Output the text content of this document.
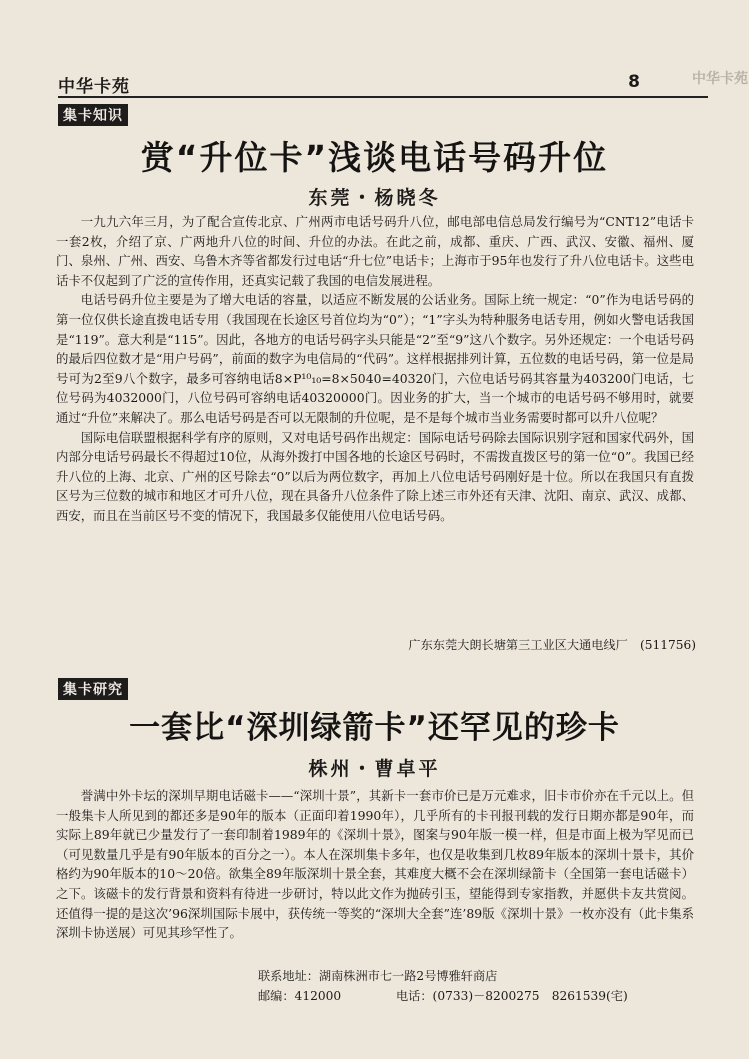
中华卡苑	8	中华卡苑
集卡知识
赏“升位卡”浅谈电话号码升位
东莞・杨晓冬

一九九六年三月，为了配合宣传北京、广州两市电话号码升八位，邮电部电信总局发行编号为“CNT12”电话卡一套2枚，介绍了京、广两地升八位的时间、升位的办法。在此之前，成都、重庆、广西、武汉、安徽、福州、厦门、泉州、广州、西安、乌鲁木齐等省都发行过电话“升七位”电话卡；上海市于95年也发行了升八位电话卡。这些电话卡不仅起到了广泛的宣传作用，还真实记载了我国的电信发展进程。

电话号码升位主要是为了增大电话的容量，以适应不断发展的公话业务。国际上统一规定：“0”作为电话号码的第一位仅供长途直拨电话专用（我国现在长途区号首位均为“0”）；“1”字头为特种服务电话专用，例如火警电话我国是“119”。意大利是“115”。因此，各地方的电话号码字头只能是“2”至“9”这八个数字。另外还规定：一个电话号码的最后四位数才是“用户号码”，前面的数字为电信局的“代码”。这样根据排列计算，五位数的电话号码，第一位是局号可为2至9八个数字，最多可容纳电话8×P¹⁰₁₀=8×5040=40320门，六位电话号码其容量为403200门电话，七位号码为4032000门，八位号码可容纳电话40320000门。因业务的扩大，当一个城市的电话号码不够用时，就要通过“升位”来解决了。那么电话号码是否可以无限制的升位呢，是不是每个城市当业务需要时都可以升八位呢？

国际电信联盟根据科学有序的原则，又对电话号码作出规定：国际电话号码除去国际识别字冠和国家代码外，国内部分电话号码最长不得超过10位，从海外拨打中国各地的长途区号码时，不需拨直拨区号的第一位“0”。我国已经升八位的上海、北京、广州的区号除去“0”以后为两位数字，再加上八位电话号码刚好是十位。所以在我国只有直拨区号为三位数的城市和地区才可升八位，现在具备升八位条件了除上述三市外还有天津、沈阳、南京、武汉、成都、西安，而且在当前区号不变的情况下，我国最多仅能使用八位电话号码。

广东东莞大朗长塘第三工业区大通电线厂　(511756)
集卡研究
一套比“深圳绿箭卡”还罕见的珍卡
株州・曹卓平

誉满中外卡坛的深圳早期电话磁卡——“深圳十景”，其新卡一套市价已是万元难求，旧卡市价亦在千元以上。但一般集卡人所见到的都还多是90年的版本（正面印着1990年），几乎所有的卡刊报刊载的发行日期亦都是90年，而实际上89年就已少量发行了一套印制着1989年的《深圳十景》，图案与90年版一模一样，但是市面上极为罕见而已（可见数量几乎是有90年版本的百分之一）。本人在深圳集卡多年，也仅是收集到几枚89年版本的深圳十景卡，其价格约为90年版本的10～20倍。欲集全89年版深圳十景全套，其难度大概不会在深圳绿箭卡（全国第一套电话磁卡）之下。该磁卡的发行背景和资料有待进一步研讨，特以此文作为抛砖引玉，望能得到专家指教，并愿供卡友共赏阅。还值得一提的是这次’96深圳国际卡展中，获传统一等奖的“深圳大全套”连’89版《深圳十景》一枚亦没有（此卡集系深圳卡协送展）可见其珍罕性了。

联系地址：湖南株洲市七一路2号博雅轩商店
邮编：412000	电话：(0733)－8200275　8261539(宅)
